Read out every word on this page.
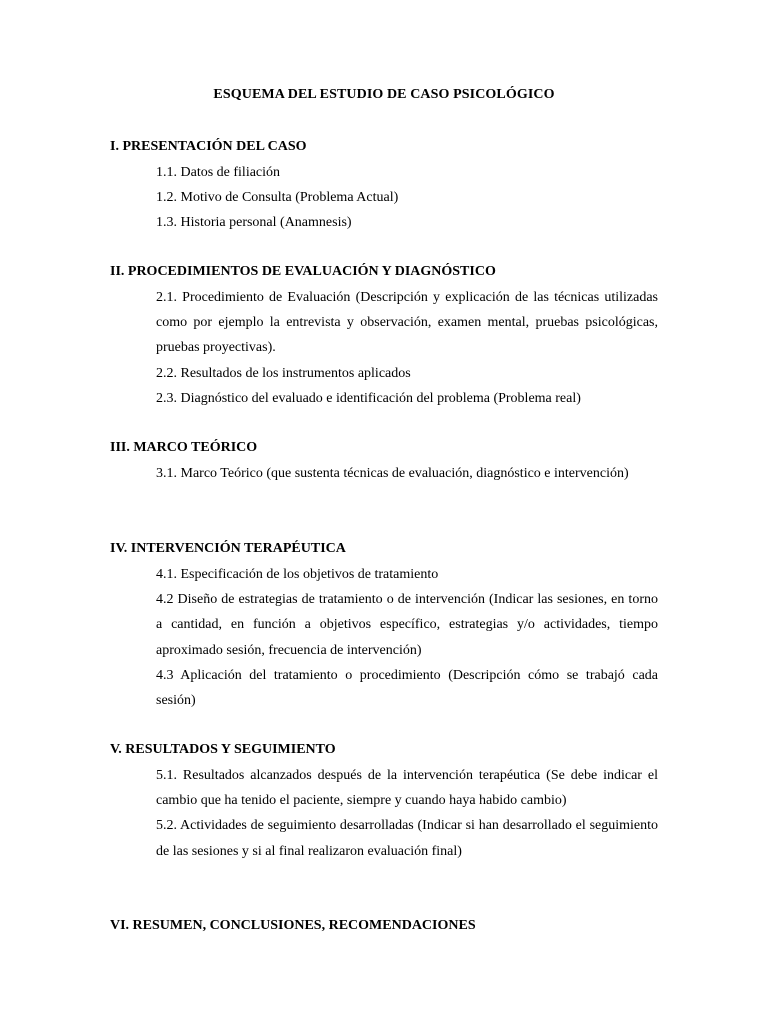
ESQUEMA DEL ESTUDIO DE CASO PSICOLÓGICO

I. PRESENTACIÓN DEL CASO

1.1. Datos de filiación
1.2. Motivo de Consulta (Problema Actual)
1.3. Historia personal (Anamnesis)

II. PROCEDIMIENTOS DE EVALUACIÓN Y DIAGNÓSTICO

2.1. Procedimiento de Evaluación (Descripción y explicación de las técnicas utilizadas como por ejemplo la entrevista y observación, examen mental, pruebas psicológicas, pruebas proyectivas).
2.2. Resultados de los instrumentos aplicados
2.3. Diagnóstico del evaluado e identificación del problema (Problema real)

III. MARCO TEÓRICO

3.1. Marco Teórico (que sustenta técnicas de evaluación, diagnóstico e intervención)

IV. INTERVENCIÓN TERAPÉUTICA

4.1. Especificación de los objetivos de tratamiento
4.2 Diseño de estrategias de tratamiento o de intervención (Indicar las sesiones, en torno a cantidad, en función a objetivos específico, estrategias y/o actividades, tiempo aproximado sesión, frecuencia de intervención)
4.3 Aplicación del tratamiento o procedimiento (Descripción cómo se trabajó cada sesión)

V. RESULTADOS Y SEGUIMIENTO

5.1. Resultados alcanzados después de la intervención terapéutica (Se debe indicar el cambio que ha tenido el paciente, siempre y cuando haya habido cambio)
5.2. Actividades de seguimiento desarrolladas (Indicar si han desarrollado el seguimiento de las sesiones y si al final realizaron evaluación final)

VI. RESUMEN, CONCLUSIONES, RECOMENDACIONES
